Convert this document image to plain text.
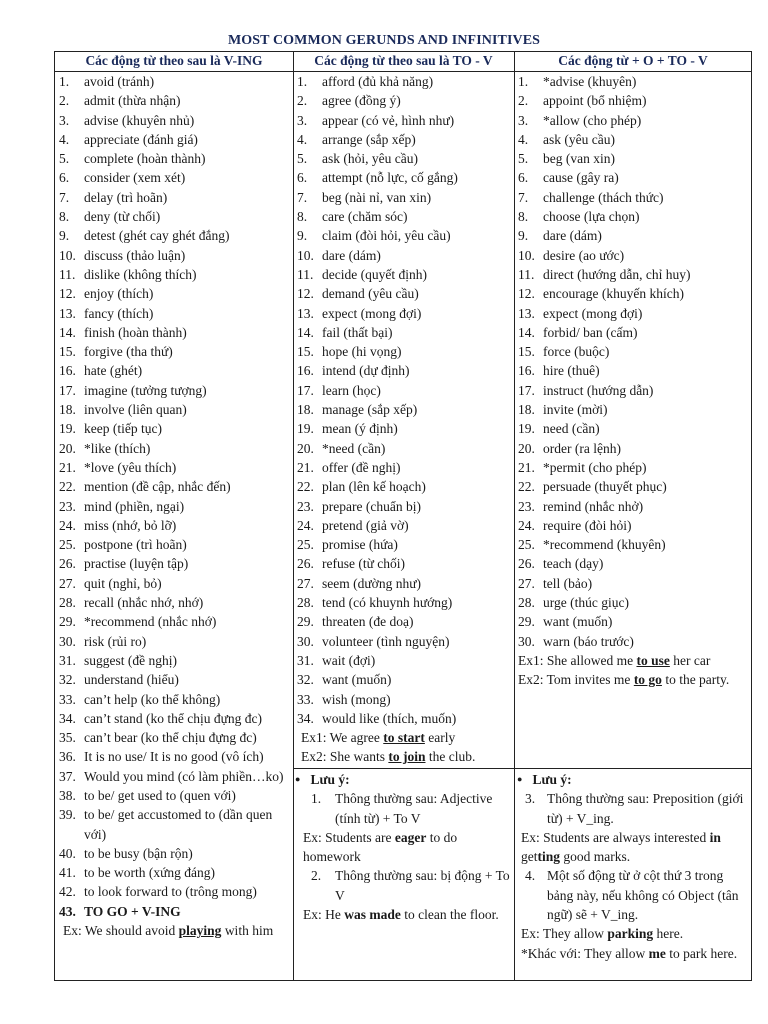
MOST COMMON GERUNDS AND INFINITIVES
Các động từ theo sau là V-ING	Các động từ theo sau là TO - V	Các động từ + O + TO - V
1.	avoid (tránh)
2.	admit (thừa nhận)
3.	advise (khuyên nhủ)
4.	appreciate (đánh giá)
5.	complete (hoàn thành)
6.	consider (xem xét)
7.	delay (trì hoãn)
8.	deny (từ chối)
9.	detest (ghét cay ghét đắng)
10. discuss (thảo luận)
11. dislike (không thích)
12. enjoy (thích)
13. fancy (thích)
14. finish (hoàn thành)
15. forgive (tha thứ)
16. hate (ghét)
17. imagine (tưởng tượng)
18. involve (liên quan)
19. keep (tiếp tục)
20. *like (thích)
21. *love (yêu thích)
22. mention (đề cập, nhắc đến)
23. mind (phiền, ngại)
24. miss (nhớ, bỏ lỡ)
25. postpone (trì hoãn)
26. practise (luyện tập)
27. quit (nghỉ, bỏ)
28. recall (nhắc nhớ, nhớ)
29. *recommend (nhắc nhớ)
30. risk (rủi ro)
31. suggest (đề nghị)
32. understand (hiểu)
33. can’t help (ko thể không)
34. can’t stand (ko thể chịu đựng đc)
35. can’t bear (ko thể chịu đựng đc)
36. It is no use/ It is no good (vô ích)
37. Would you mind (có làm phiền…ko)
38. to be/ get used to (quen với)
39. to be/ get accustomed to (dần quen với)
40. to be busy (bận rộn)
41. to be worth (xứng đáng)
42. to look forward to (trông mong)
43. TO GO + V-ING
Ex: We should avoid playing with him
1.	afford (đủ khả năng)
2.	agree (đồng ý)
3.	appear (có vẻ, hình như)
4.	arrange (sắp xếp)
5.	ask (hỏi, yêu cầu)
6.	attempt (nỗ lực, cố gắng)
7.	beg (nài nỉ, van xin)
8.	care (chăm sóc)
9.	claim (đòi hỏi, yêu cầu)
10. dare (dám)
11. decide (quyết định)
12. demand (yêu cầu)
13. expect (mong đợi)
14. fail (thất bại)
15. hope (hi vọng)
16. intend (dự định)
17. learn (học)
18. manage (sắp xếp)
19. mean (ý định)
20. *need (cần)
21. offer (đề nghị)
22. plan (lên kế hoạch)
23. prepare (chuẩn bị)
24. pretend (giả vờ)
25. promise (hứa)
26. refuse (từ chối)
27. seem (dường như)
28. tend (có khuynh hướng)
29. threaten (đe doạ)
30. volunteer (tình nguyện)
31. wait (đợi)
32. want (muốn)
33. wish (mong)
34. would like (thích, muốn)
Ex1: We agree to start early
Ex2: She wants to join the club.
1.	*advise (khuyên)
2.	appoint (bổ nhiệm)
3.	*allow (cho phép)
4.	ask (yêu cầu)
5.	beg (van xin)
6.	cause (gây ra)
7.	challenge (thách thức)
8.	choose (lựa chọn)
9.	dare (dám)
10. desire (ao ước)
11. direct (hướng dẫn, chỉ huy)
12. encourage (khuyến khích)
13. expect (mong đợi)
14. forbid/ ban (cấm)
15. force (buộc)
16. hire (thuê)
17. instruct (hướng dẫn)
18. invite (mời)
19. need (cần)
20. order (ra lệnh)
21. *permit (cho phép)
22. persuade (thuyết phục)
23. remind (nhắc nhở)
24. require (đòi hỏi)
25. *recommend (khuyên)
26. teach (dạy)
27. tell (bảo)
28. urge (thúc giục)
29. want (muốn)
30. warn (báo trước)
Ex1: She allowed me to use her car
Ex2: Tom invites me to go to the party.
● Lưu ý:
1.	Thông thường sau: Adjective (tính từ) + To V
Ex: Students are eager to do homework
2.	Thông thường sau: bị động + To V
Ex: He was made to clean the floor.
● Lưu ý:
3. Thông thường sau: Preposition (giới từ) + V_ing.
Ex: Students are always interested in getting good marks.
4. Một số động từ ở cột thứ 3 trong bảng này, nếu không có Object (tân ngữ) sẽ + V_ing.
Ex: They allow parking here.
*Khác với: They allow me to park here.
